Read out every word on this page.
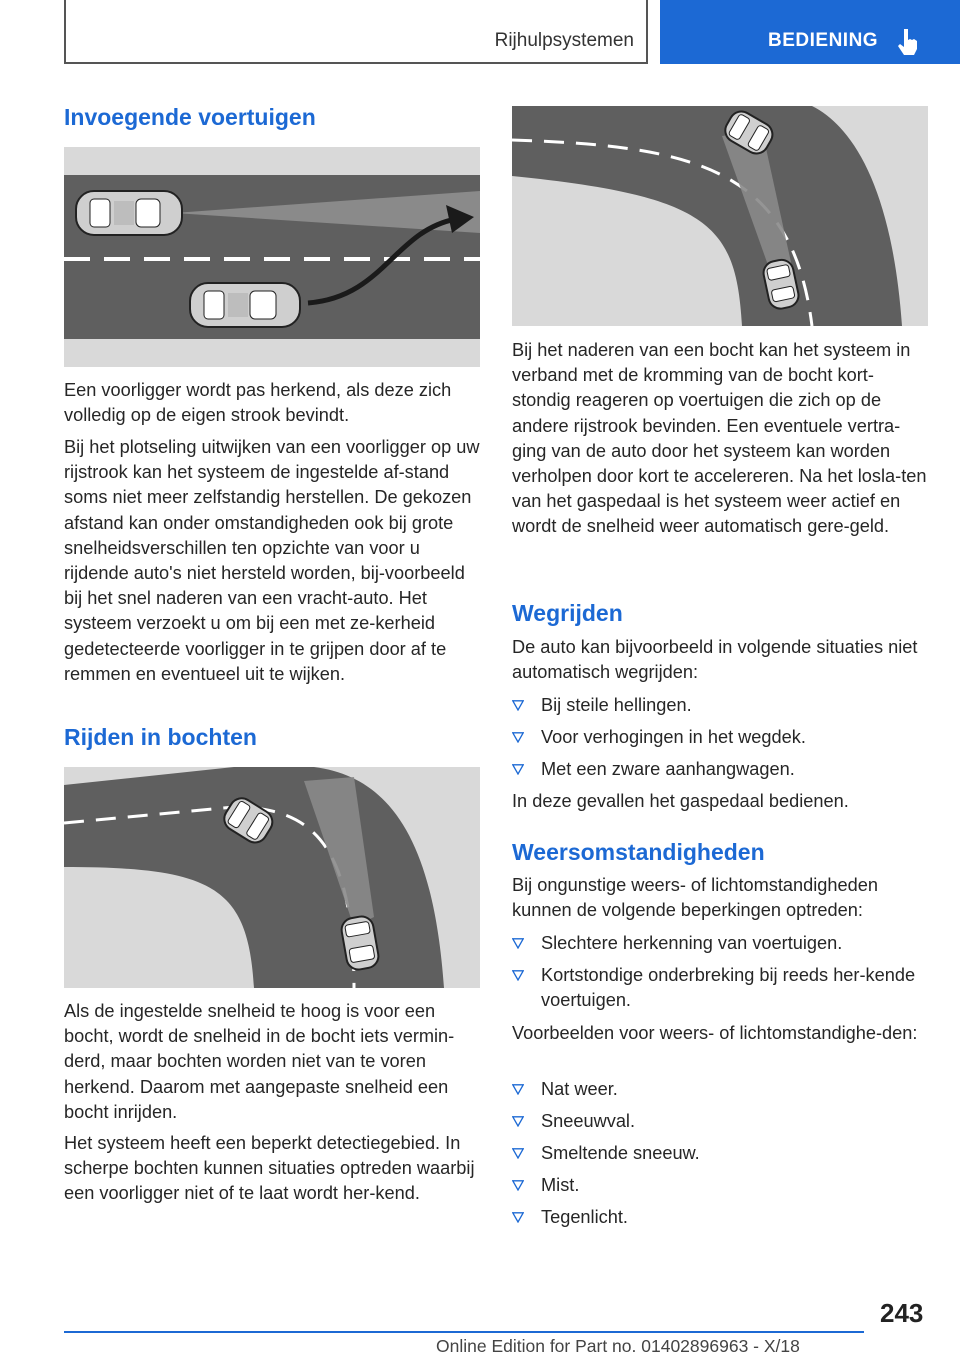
Rijhulpsystemen	BEDIENING
Invoegende voertuigen

Een voorligger wordt pas herkend, als deze zich volledig op de eigen strook bevindt.

Bij het plotseling uitwijken van een voorligger op uw rijstrook kan het systeem de ingestelde af-stand soms niet meer zelfstandig herstellen. De gekozen afstand kan onder omstandigheden ook bij grote snelheidsverschillen ten opzichte van voor u rijdende auto's niet hersteld worden, bij-voorbeeld bij het snel naderen van een vracht-auto. Het systeem verzoekt u om bij een met ze-kerheid gedetecteerde voorligger in te grijpen door af te remmen en eventueel uit te wijken.

Rijden in bochten

Als de ingestelde snelheid te hoog is voor een bocht, wordt de snelheid in de bocht iets vermin-derd, maar bochten worden niet van te voren herkend. Daarom met aangepaste snelheid een bocht inrijden.

Het systeem heeft een beperkt detectiegebied. In scherpe bochten kunnen situaties optreden waarbij een voorligger niet of te laat wordt her-kend.

Bij het naderen van een bocht kan het systeem in verband met de kromming van de bocht kort-stondig reageren op voertuigen die zich op de andere rijstrook bevinden. Een eventuele vertra-ging van de auto door het systeem kan worden verholpen door kort te accelereren. Na het losla-ten van het gaspedaal is het systeem weer actief en wordt de snelheid weer automatisch gere-geld.

Wegrijden

De auto kan bijvoorbeeld in volgende situaties niet automatisch wegrijden:

Bij steile hellingen.
Voor verhogingen in het wegdek.
Met een zware aanhangwagen.

In deze gevallen het gaspedaal bedienen.

Weersomstandigheden

Bij ongunstige weers- of lichtomstandigheden kunnen de volgende beperkingen optreden:

Slechtere herkenning van voertuigen.
Kortstondige onderbreking bij reeds her-kende voertuigen.

Voorbeelden voor weers- of lichtomstandighe-den:

Nat weer.
Sneeuwval.
Smeltende sneeuw.
Mist.
Tegenlicht.
243
Online Edition for Part no. 01402896963 - X/18
